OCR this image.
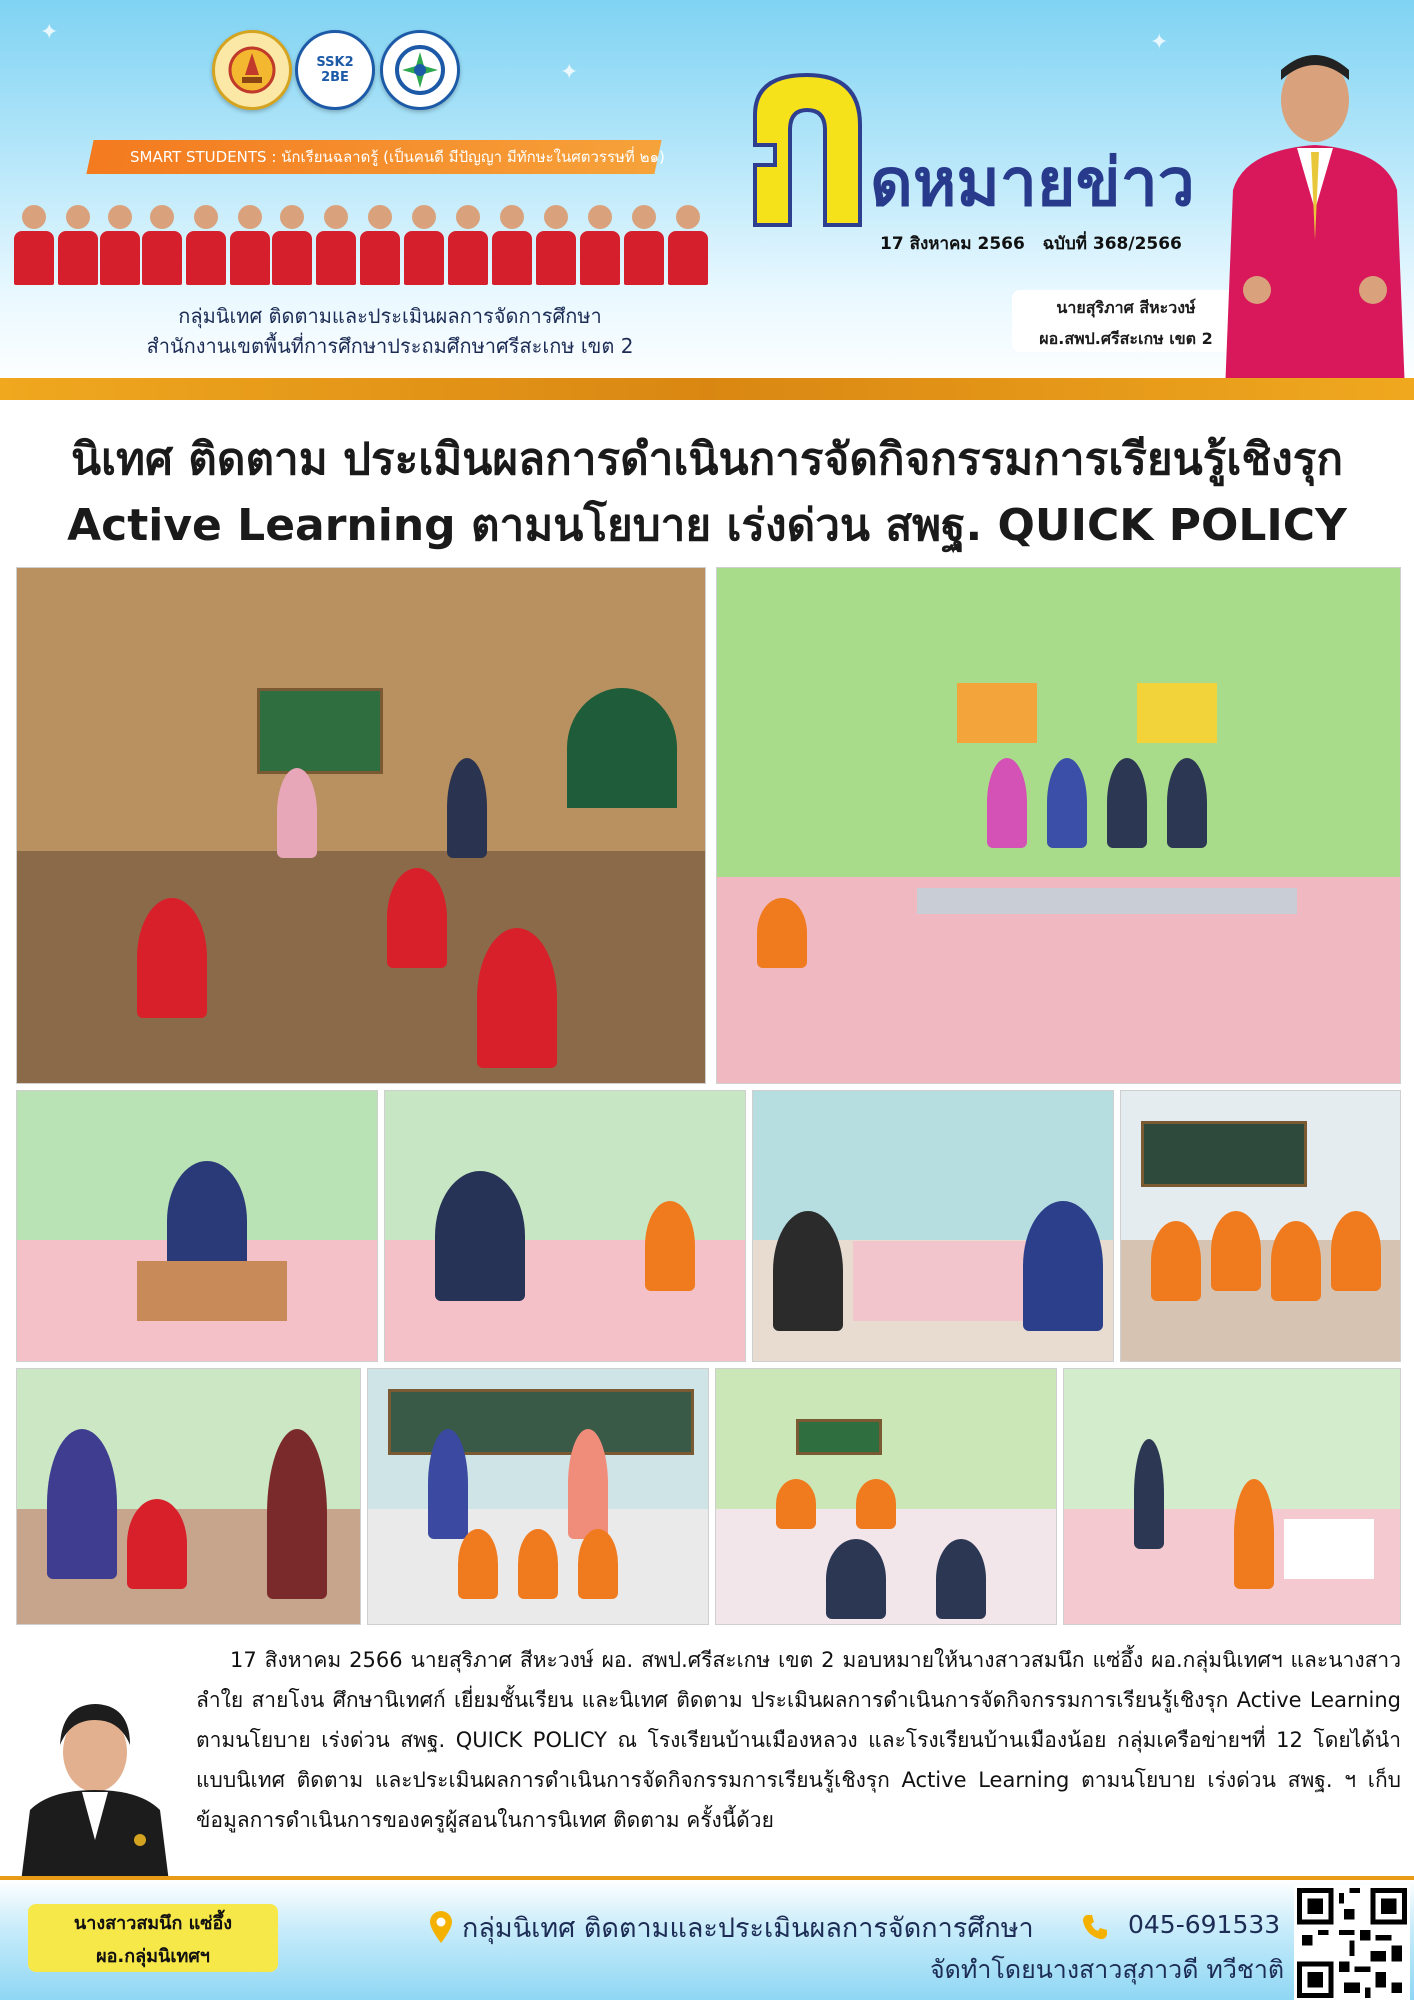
✦
✦
✦
SSK2 2BE
SMART STUDENTS : นักเรียนฉลาดรู้ (เป็นคนดี มีปัญญา มีทักษะในศตวรรษที่ ๒๑)
กลุ่มนิเทศ ติดตามและประเมินผลการจัดการศึกษา
สำนักงานเขตพื้นที่การศึกษาประถมศึกษาศรีสะเกษ เขต 2
ดหมายข่าว
17 สิงหาคม 2566 ฉบับที่ 368/2566
นายสุริภาศ สีหะวงษ์
ผอ.สพป.ศรีสะเกษ เขต 2
นิเทศ ติดตาม ประเมินผลการดำเนินการจัดกิจกรรมการเรียนรู้เชิงรุก
Active Learning ตามนโยบาย เร่งด่วน สพฐ. QUICK POLICY

17 สิงหาคม 2566 นายสุริภาศ สีหะวงษ์ ผอ. สพป.ศรีสะเกษ เขต 2 มอบหมายให้นางสาวสมนึก แซ่อึ้ง ผอ.กลุ่มนิเทศฯ และนางสาวลำใย สายโงน ศึกษานิเทศก์ เยี่ยมชั้นเรียน และนิเทศ ติดตาม ประเมินผลการดำเนินการจัดกิจกรรมการเรียนรู้เชิงรุก Active Learning ตามนโยบาย เร่งด่วน สพฐ. QUICK POLICY ณ โรงเรียนบ้านเมืองหลวง และโรงเรียนบ้านเมืองน้อย กลุ่มเครือข่ายฯที่ 12 โดยได้นำแบบนิเทศ ติดตาม และประเมินผลการดำเนินการจัดกิจกรรมการเรียนรู้เชิงรุก Active Learning ตามนโยบาย เร่งด่วน สพฐ. ฯ เก็บข้อมูลการดำเนินการของครูผู้สอนในการนิเทศ ติดตาม ครั้งนี้ด้วย

นางสาวสมนึก แซ่อึ้ง
ผอ.กลุ่มนิเทศฯ
กลุ่มนิเทศ ติดตามและประเมินผลการจัดการศึกษา	045-691533
จัดทำโดยนางสาวสุภาวดี ทวีชาติ
